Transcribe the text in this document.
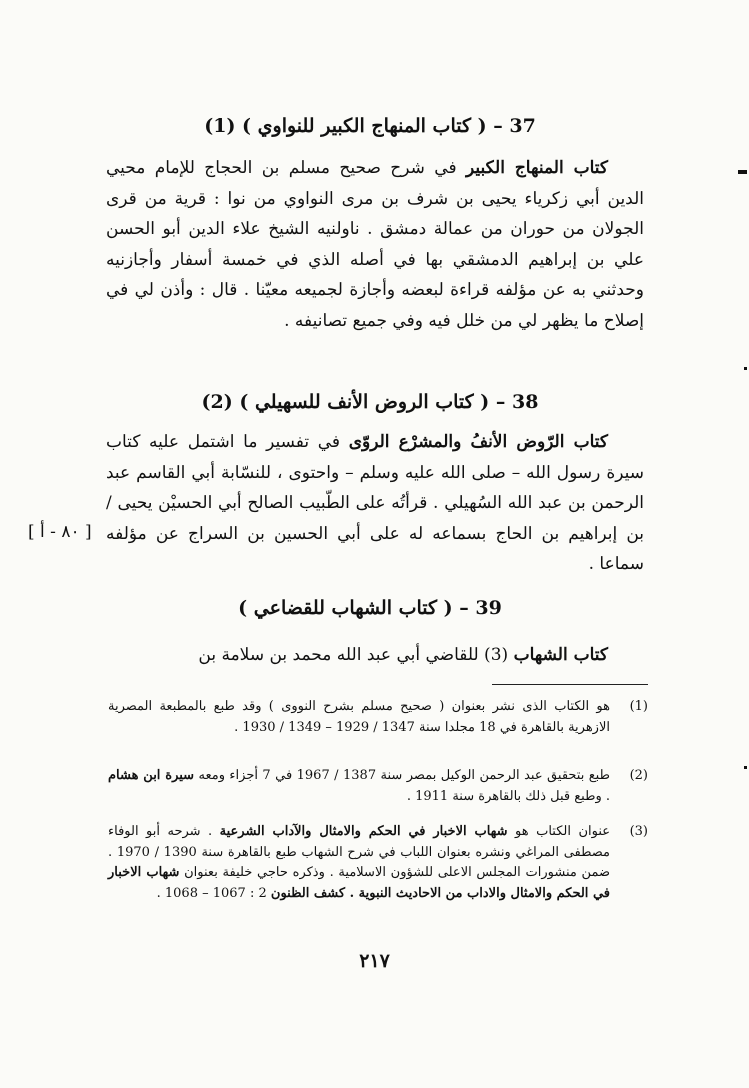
37 – ( كتاب المنهاج الكبير للنواوي ) (1)

كتاب المنهاج الكبير في شرح صحيح مسلم بن الحجاج للإمام محيي الدين أبي زكرياء يحيى بن شرف بن مرى النواوي من نوا : قرية من قرى الجولان من حوران من عمالة دمشق . ناولنيه الشيخ علاء الدين أبو الحسن علي بن إبراهيم الدمشقي بها في أصله الذي في خمسة أسفار وأجازنيه وحدثني به عن مؤلفه قراءة لبعضه وأجازة لجميعه معيّنا . قال : وأذن لي في إصلاح ما يظهر لي من خلل فيه وفي جميع تصانيفه .

38 – ( كتاب الروض الأنف للسهيلي ) (2)

كتاب الرّوض الأنفُ والمشرْع الروّى في تفسير ما اشتمل عليه كتاب سيرة رسول الله – صلى الله عليه وسلم – واحتوى ، للنسّابة أبي القاسم عبد الرحمن بن عبد الله السُهيلي . قرأتُه على الطّبيب الصالح أبي الحسيْن يحيى / بن إبراهيم بن الحاج بسماعه له على أبي الحسين بن السراج عن مؤلفه سماعا .

[ ٨٠ - أ ]
39 – ( كتاب الشهاب للقضاعي )

كتاب الشهاب (3) للقاضي أبي عبد الله محمد بن سلامة بن

(1)
هو الكتاب الذى نشر بعنوان ( صحيح مسلم بشرح النووى ) وقد طبع بالمطبعة المصرية الازهرية بالقاهرة في 18 مجلدا سنة 1347 / 1929 – 1349 / 1930 .
(2)
طبع بتحقيق عبد الرحمن الوكيل بمصر سنة 1387 / 1967 في 7 أجزاء ومعه سيرة ابن هشام . وطبع قبل ذلك بالقاهرة سنة 1911 .
(3)
عنوان الكتاب هو شهاب الاخبار في الحكم والامثال والآداب الشرعية . شرحه أبو الوفاء مصطفى المراغي ونشره بعنوان اللباب في شرح الشهاب طبع بالقاهرة سنة 1390 / 1970 . ضمن منشورات المجلس الاعلى للشؤون الاسلامية . وذكره حاجي خليفة بعنوان شهاب الاخبار في الحكم والامثال والاداب من الاحاديث النبوية . كشف الظنون 2 : 1067 – 1068 .
٢١٧
